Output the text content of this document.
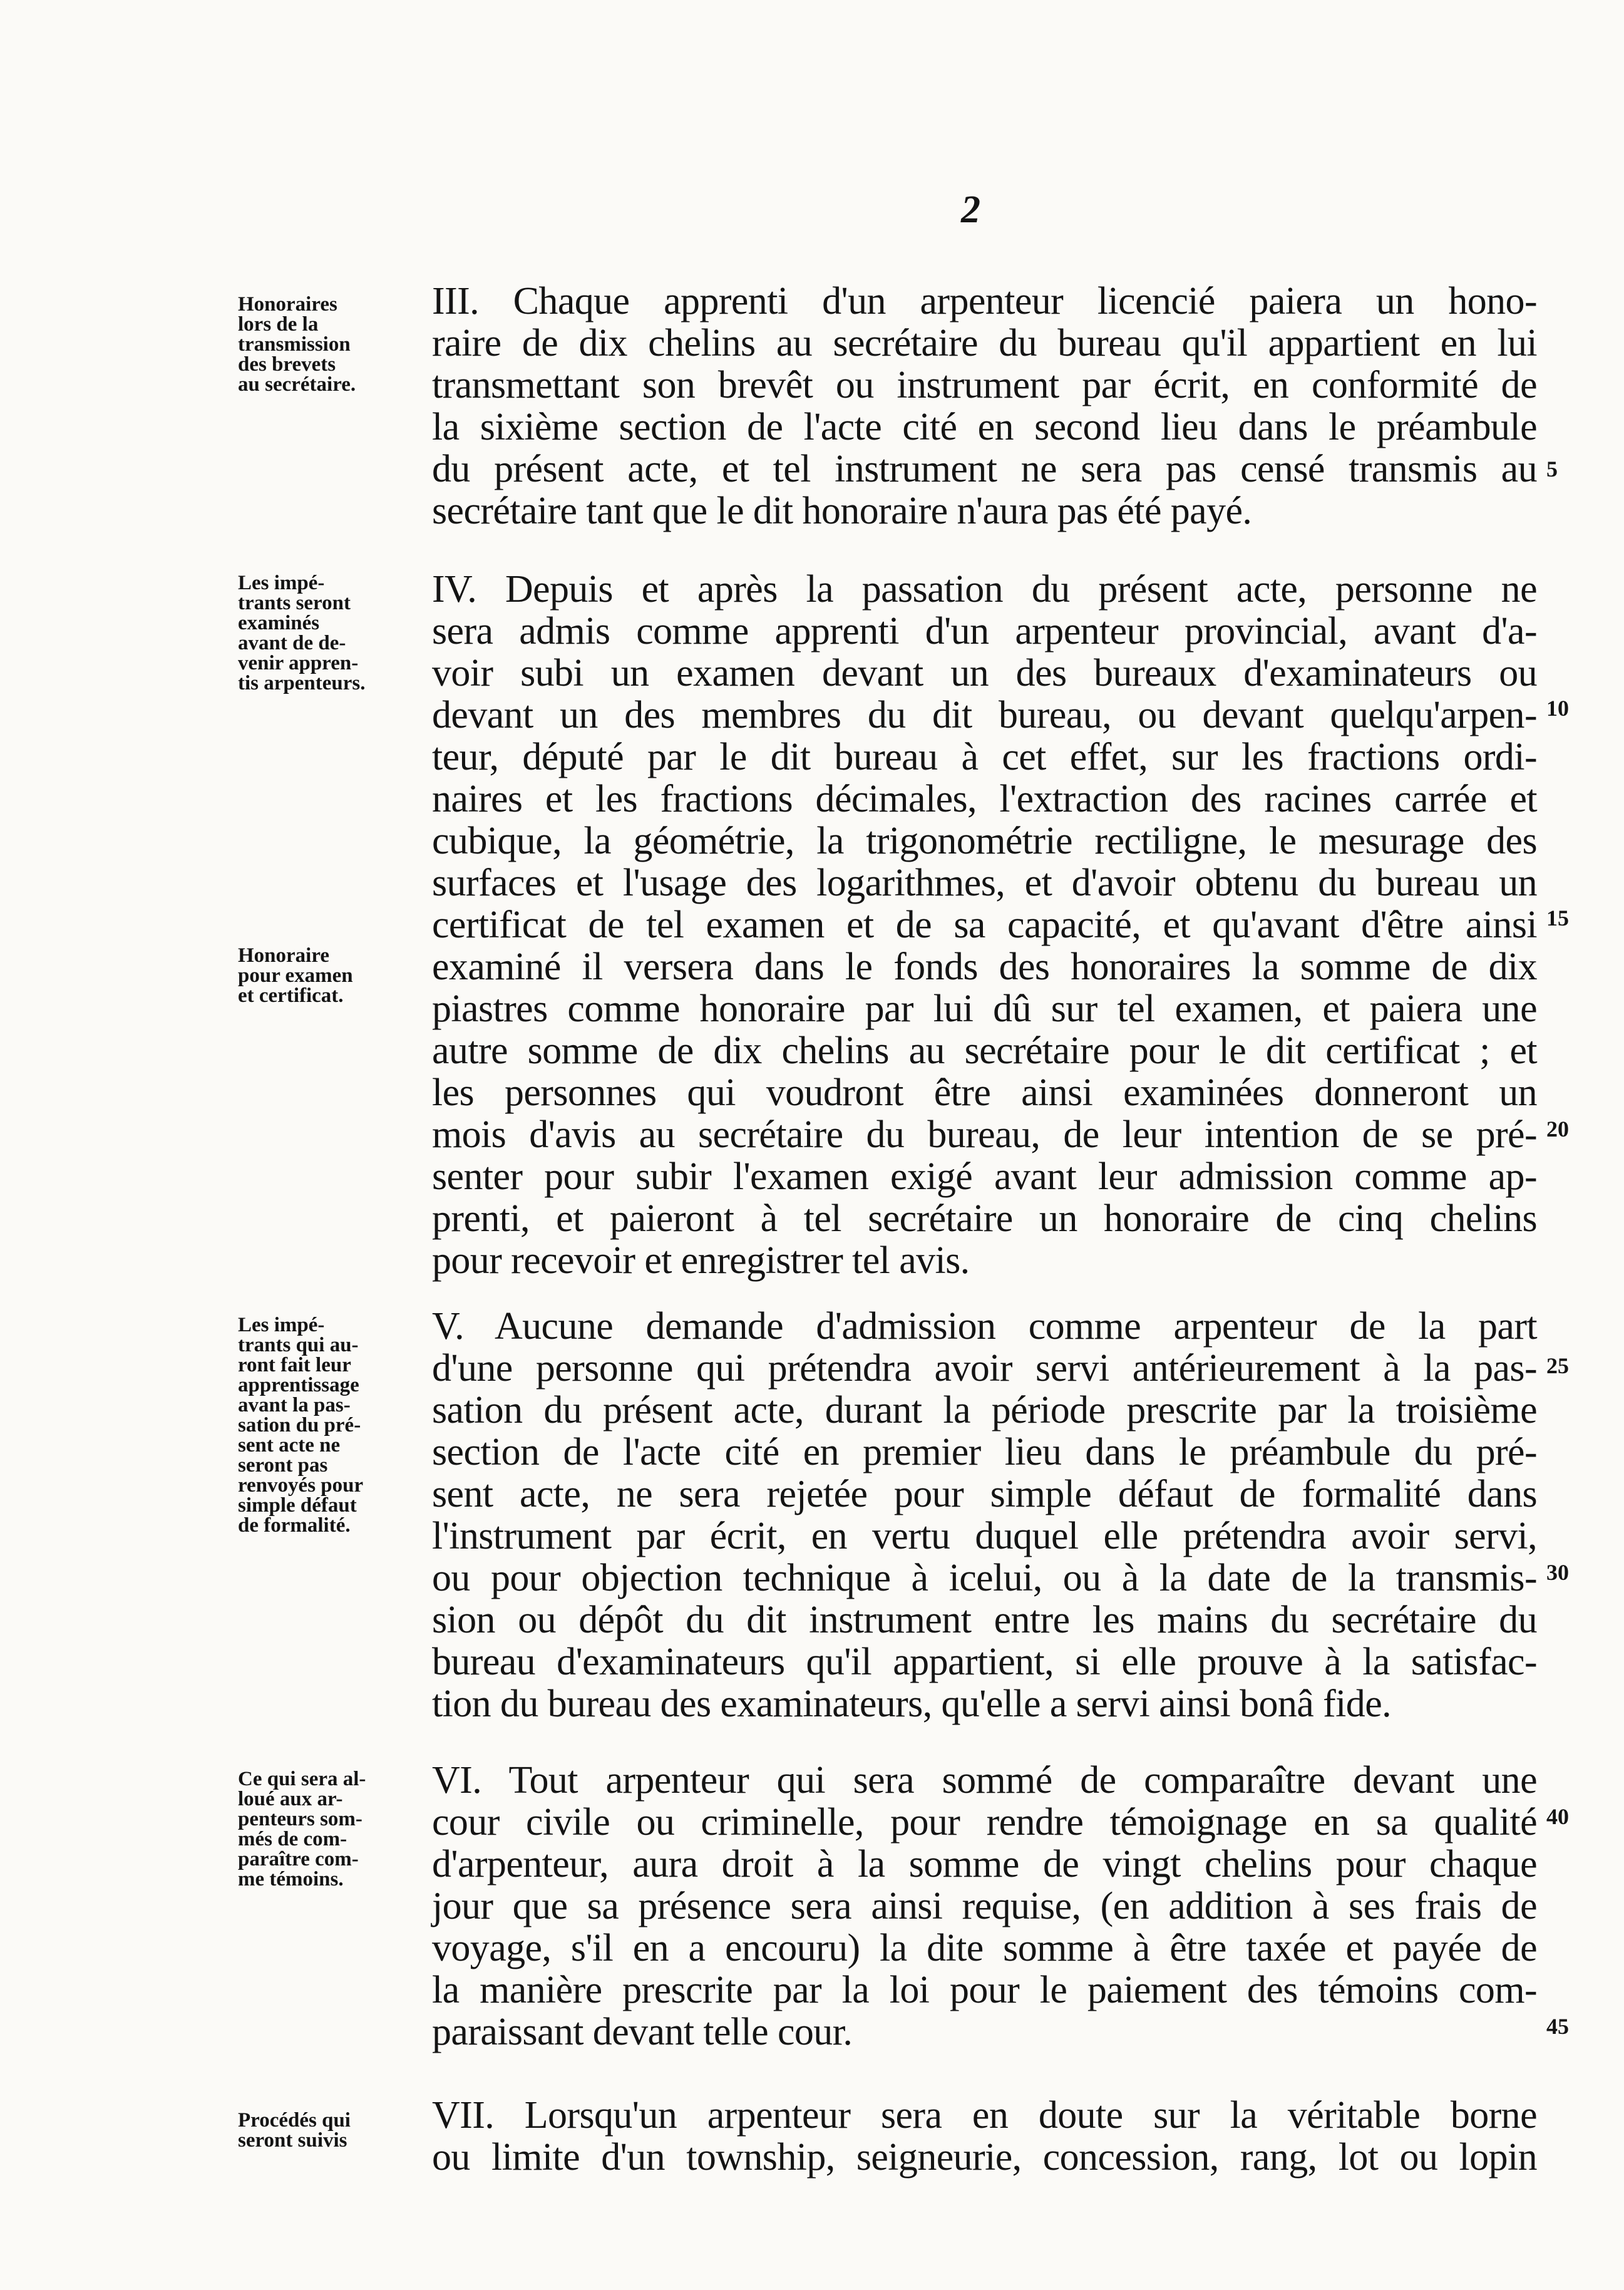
2
Honoraires
lors de la
transmission
des brevets
au secrétaire.
Les impé-
trants seront
examinés
avant de de-
venir appren-
tis arpenteurs.
Honoraire
pour examen
et certificat.
Les impé-
trants qui au-
ront fait leur
apprentissage
avant la pas-
sation du pré-
sent acte ne
seront pas
renvoyés pour
simple défaut
de formalité.
Ce qui sera al-
loué aux ar-
penteurs som-
més de com-
paraître com-
me témoins.
Procédés qui
seront suivis
III. Chaque apprenti d'un arpenteur licencié paiera un hono-
raire de dix chelins au secrétaire du bureau qu'il appartient en lui
transmettant son brevêt ou instrument par écrit, en conformité de
la sixième section de l'acte cité en second lieu dans le préambule
du présent acte, et tel instrument ne sera pas censé transmis au
secrétaire tant que le dit honoraire n'aura pas été payé.
IV. Depuis et après la passation du présent acte, personne ne
sera admis comme apprenti d'un arpenteur provincial, avant d'a-
voir subi un examen devant un des bureaux d'examinateurs ou
devant un des membres du dit bureau, ou devant quelqu'arpen-
teur, député par le dit bureau à cet effet, sur les fractions ordi-
naires et les fractions décimales, l'extraction des racines carrée et
cubique, la géométrie, la trigonométrie rectiligne, le mesurage des
surfaces et l'usage des logarithmes, et d'avoir obtenu du bureau un
certificat de tel examen et de sa capacité, et qu'avant d'être ainsi
examiné il versera dans le fonds des honoraires la somme de dix
piastres comme honoraire par lui dû sur tel examen, et paiera une
autre somme de dix chelins au secrétaire pour le dit certificat ; et
les personnes qui voudront être ainsi examinées donneront un
mois d'avis au secrétaire du bureau, de leur intention de se pré-
senter pour subir l'examen exigé avant leur admission comme ap-
prenti, et paieront à tel secrétaire un honoraire de cinq chelins
pour recevoir et enregistrer tel avis.
V. Aucune demande d'admission comme arpenteur de la part
d'une personne qui prétendra avoir servi antérieurement à la pas-
sation du présent acte, durant la période prescrite par la troisième
section de l'acte cité en premier lieu dans le préambule du pré-
sent acte, ne sera rejetée pour simple défaut de formalité dans
l'instrument par écrit, en vertu duquel elle prétendra avoir servi,
ou pour objection technique à icelui, ou à la date de la transmis-
sion ou dépôt du dit instrument entre les mains du secrétaire du
bureau d'examinateurs qu'il appartient, si elle prouve à la satisfac-
tion du bureau des examinateurs, qu'elle a servi ainsi bonâ fide.
VI. Tout arpenteur qui sera sommé de comparaître devant une
cour civile ou criminelle, pour rendre témoignage en sa qualité
d'arpenteur, aura droit à la somme de vingt chelins pour chaque
jour que sa présence sera ainsi requise, (en addition à ses frais de
voyage, s'il en a encouru) la dite somme à être taxée et payée de
la manière prescrite par la loi pour le paiement des témoins com-
paraissant devant telle cour.
VII. Lorsqu'un arpenteur sera en doute sur la véritable borne
ou limite d'un township, seigneurie, concession, rang, lot ou lopin
5
10
15
20
25
30
40
45
